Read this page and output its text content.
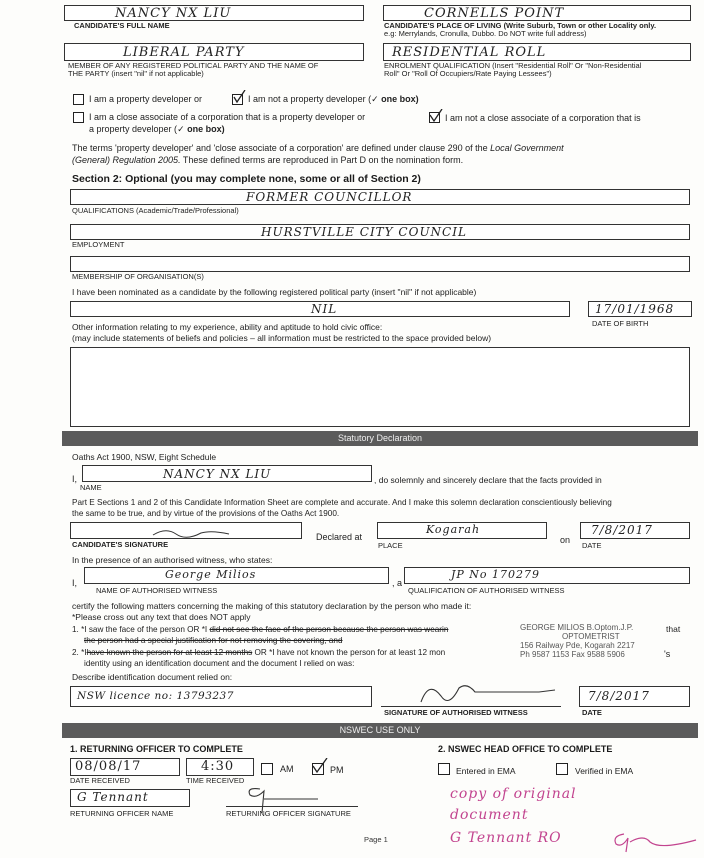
NANCY NX LIU
CANDIDATE'S FULL NAME
CORNELLS POINT
CANDIDATE'S PLACE OF LIVING (Write Suburb, Town or other Locality only.
e.g: Merrylands, Cronulla, Dubbo. Do NOT write full address)
LIBERAL PARTY
MEMBER OF ANY REGISTERED POLITICAL PARTY AND THE NAME OF
THE PARTY (insert "nil" if not applicable)
RESIDENTIAL ROLL
ENROLMENT QUALIFICATION (Insert "Residential Roll" Or "Non-Residential
Roll" Or "Roll Of Occupiers/Rate Paying Lessees")
I am a property developer or	I am not a property developer (✓ one box)
I am a close associate of a corporation that is a property developer or
a property developer (✓ one box)
I am not a close associate of a corporation that is
The terms 'property developer' and 'close associate of a corporation' are defined under clause 290 of the Local Government
(General) Regulation 2005. These defined terms are reproduced in Part D on the nomination form.
Section 2: Optional (you may complete none, some or all of Section 2)
FORMER COUNCILLOR
QUALIFICATIONS (Academic/Trade/Professional)
HURSTVILLE CITY COUNCIL
EMPLOYMENT
MEMBERSHIP OF ORGANISATION(S)
I have been nominated as a candidate by the following registered political party (insert "nil" if not applicable)
NIL	17/01/1968
DATE OF BIRTH
Other information relating to my experience, ability and aptitude to hold civic office:
(may include statements of beliefs and policies – all information must be restricted to the space provided below)
Statutory Declaration
Oaths Act 1900, NSW, Eight Schedule
I,	NANCY NX LIU
NAME
, do solemnly and sincerely declare that the facts provided in
Part E Sections 1 and 2 of this Candidate Information Sheet are complete and accurate. And I make this solemn declaration conscientiously believing
the same to be true, and by virtue of the provisions of the Oaths Act 1900.
CANDIDATE'S SIGNATURE
Declared at
Kogarah
PLACE
on
7/8/2017
DATE
In the presence of an authorised witness, who states:
I,
George Milios
NAME OF AUTHORISED WITNESS
, a
JP No 170279
QUALIFICATION OF AUTHORISED WITNESS
certify the following matters concerning the making of this statutory declaration by the person who made it:
*Please cross out any text that does NOT apply
1. *I saw the face of the person OR *I did not see the face of the person because the person was wearin
the person had a special justification for not removing the covering, and
that
2. *Ihave known the person for at least 12 months OR *I have not known the person for at least 12 mon
identity using an identification document and the document I relied on was:
GEORGE MILIOS B.Optom.J.P.
OPTOMETRIST
156 Railway Pde, Kogarah 2217
Ph 9587 1153 Fax 9588 5906	's
Describe identification document relied on:
NSW licence no: 13793237
SIGNATURE OF AUTHORISED WITNESS
7/8/2017
DATE
NSWEC USE ONLY
1. RETURNING OFFICER TO COMPLETE
08/08/17
DATE RECEIVED
4:30
TIME RECEIVED
AM	PM
G Tennant
RETURNING OFFICER NAME	RETURNING OFFICER SIGNATURE
2. NSWEC HEAD OFFICE TO COMPLETE
Entered in EMA	Verified in EMA
copy of original
document
G Tennant RO
Page 1
